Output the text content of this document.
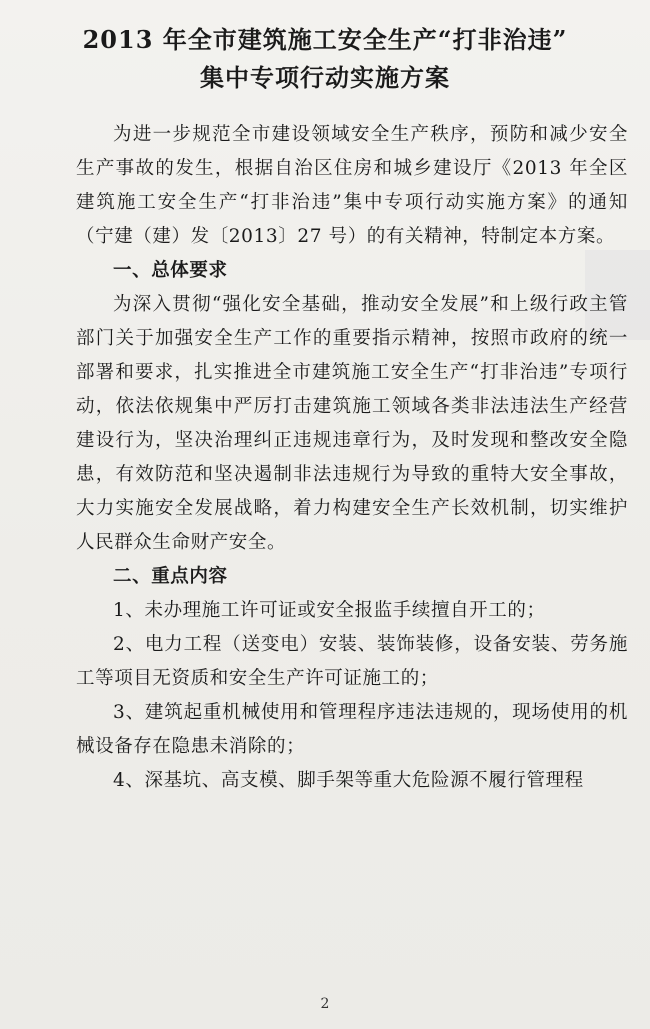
2013 年全市建筑施工安全生产“打非治违”
集中专项行动实施方案

为进一步规范全市建设领域安全生产秩序，预防和减少安全生产事故的发生，根据自治区住房和城乡建设厅《2013 年全区建筑施工安全生产“打非治违”集中专项行动实施方案》的通知（宁建（建）发〔2013〕27 号）的有关精神，特制定本方案。

一、总体要求

为深入贯彻“强化安全基础，推动安全发展”和上级行政主管部门关于加强安全生产工作的重要指示精神，按照市政府的统一部署和要求，扎实推进全市建筑施工安全生产“打非治违”专项行动，依法依规集中严厉打击建筑施工领域各类非法违法生产经营建设行为，坚决治理纠正违规违章行为，及时发现和整改安全隐患，有效防范和坚决遏制非法违规行为导致的重特大安全事故，大力实施安全发展战略，着力构建安全生产长效机制，切实维护人民群众生命财产安全。

二、重点内容

1、未办理施工许可证或安全报监手续擅自开工的；

2、电力工程（送变电）安装、装饰装修，设备安装、劳务施工等项目无资质和安全生产许可证施工的；

3、建筑起重机械使用和管理程序违法违规的，现场使用的机械设备存在隐患未消除的；

4、深基坑、高支模、脚手架等重大危险源不履行管理程

2
